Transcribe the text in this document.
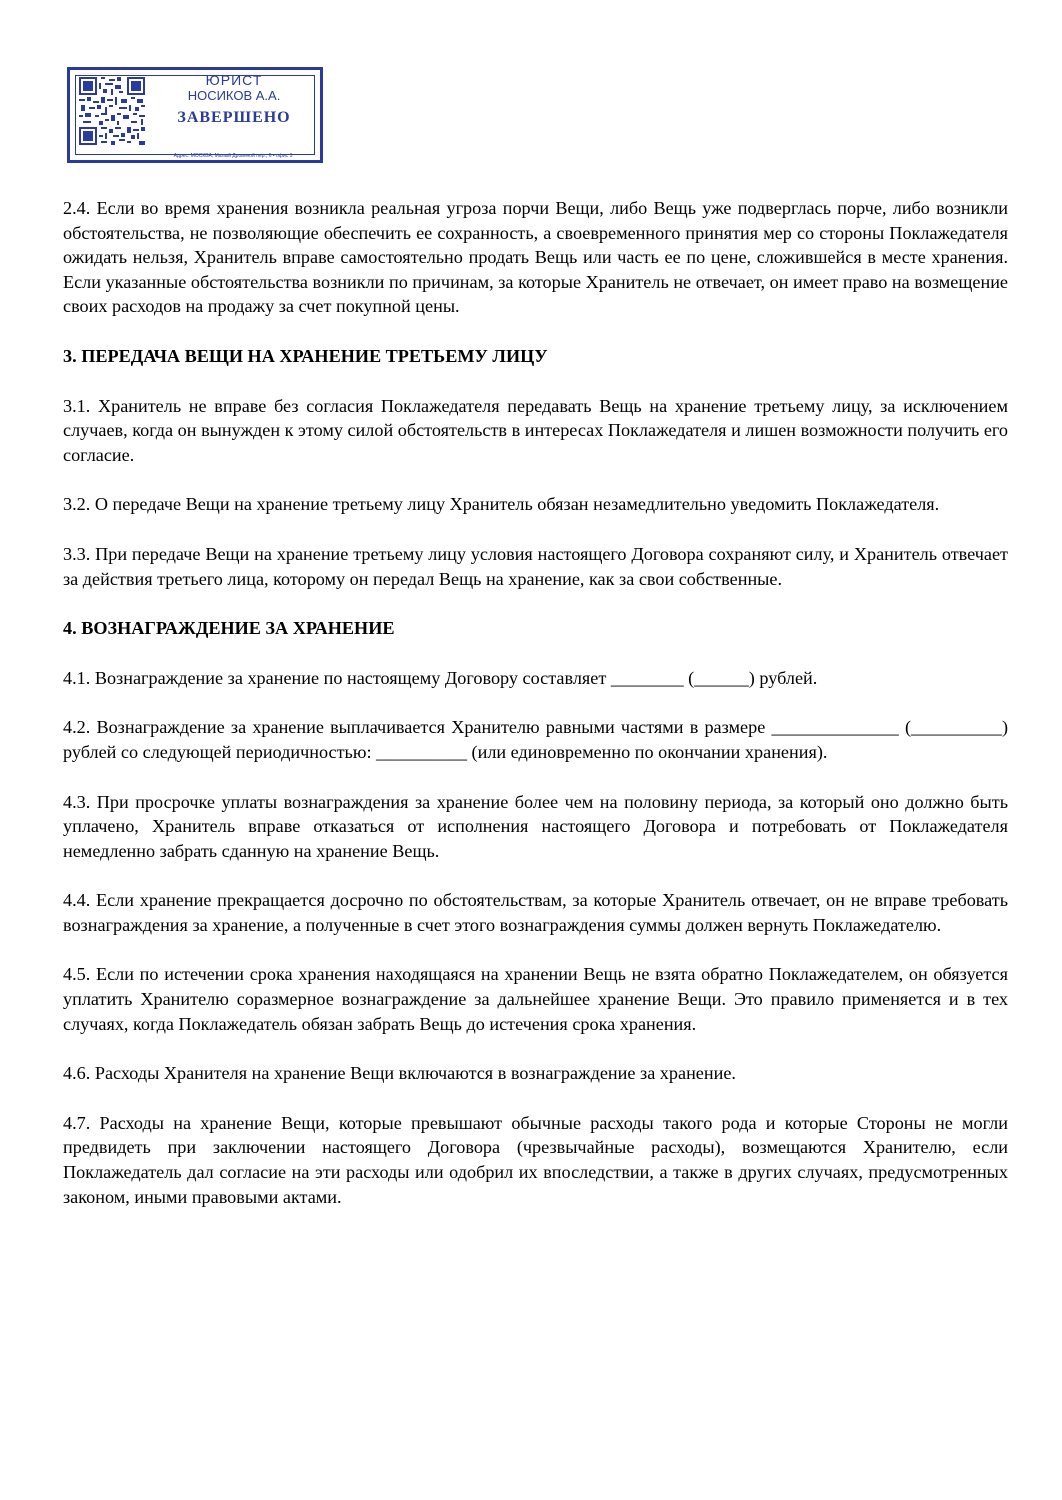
ЮРИСТ
НОСИКОВ А.А.
ЗАВЕРШЕНО
Адрес: МОСКВА, Малый Дровяной пер., 6 • офис 3

2.4. Если во время хранения возникла реальная угроза порчи Вещи, либо Вещь уже подверглась порче, либо возникли обстоятельства, не позволяющие обеспечить ее сохранность, а своевременного принятия мер со стороны Поклажедателя ожидать нельзя, Хранитель вправе самостоятельно продать Вещь или часть ее по цене, сложившейся в месте хранения. Если указанные обстоятельства возникли по причинам, за которые Хранитель не отвечает, он имеет право на возмещение своих расходов на продажу за счет покупной цены.

3. ПЕРЕДАЧА ВЕЩИ НА ХРАНЕНИЕ ТРЕТЬЕМУ ЛИЦУ

3.1. Хранитель не вправе без согласия Поклажедателя передавать Вещь на хранение третьему лицу, за исключением случаев, когда он вынужден к этому силой обстоятельств в интересах Поклажедателя и лишен возможности получить его согласие.

3.2. О передаче Вещи на хранение третьему лицу Хранитель обязан незамедлительно уведомить Поклажедателя.

3.3. При передаче Вещи на хранение третьему лицу условия настоящего Договора сохраняют силу, и Хранитель отвечает за действия третьего лица, которому он передал Вещь на хранение, как за свои собственные.

4. ВОЗНАГРАЖДЕНИЕ ЗА ХРАНЕНИЕ

4.1. Вознаграждение за хранение по настоящему Договору составляет ________ (______) рублей.

4.2. Вознаграждение за хранение выплачивается Хранителю равными частями в размере ______________ (__________) рублей со следующей периодичностью: __________ (или единовременно по окончании хранения).

4.3. При просрочке уплаты вознаграждения за хранение более чем на половину периода, за который оно должно быть уплачено, Хранитель вправе отказаться от исполнения настоящего Договора и потребовать от Поклажедателя немедленно забрать сданную на хранение Вещь.

4.4. Если хранение прекращается досрочно по обстоятельствам, за которые Хранитель отвечает, он не вправе требовать вознаграждения за хранение, а полученные в счет этого вознаграждения суммы должен вернуть Поклажедателю.

4.5. Если по истечении срока хранения находящаяся на хранении Вещь не взята обратно Поклажедателем, он обязуется уплатить Хранителю соразмерное вознаграждение за дальнейшее хранение Вещи. Это правило применяется и в тех случаях, когда Поклажедатель обязан забрать Вещь до истечения срока хранения.

4.6. Расходы Хранителя на хранение Вещи включаются в вознаграждение за хранение.

4.7. Расходы на хранение Вещи, которые превышают обычные расходы такого рода и которые Стороны не могли предвидеть при заключении настоящего Договора (чрезвычайные расходы), возмещаются Хранителю, если Поклажедатель дал согласие на эти расходы или одобрил их впоследствии, а также в других случаях, предусмотренных законом, иными правовыми актами.
